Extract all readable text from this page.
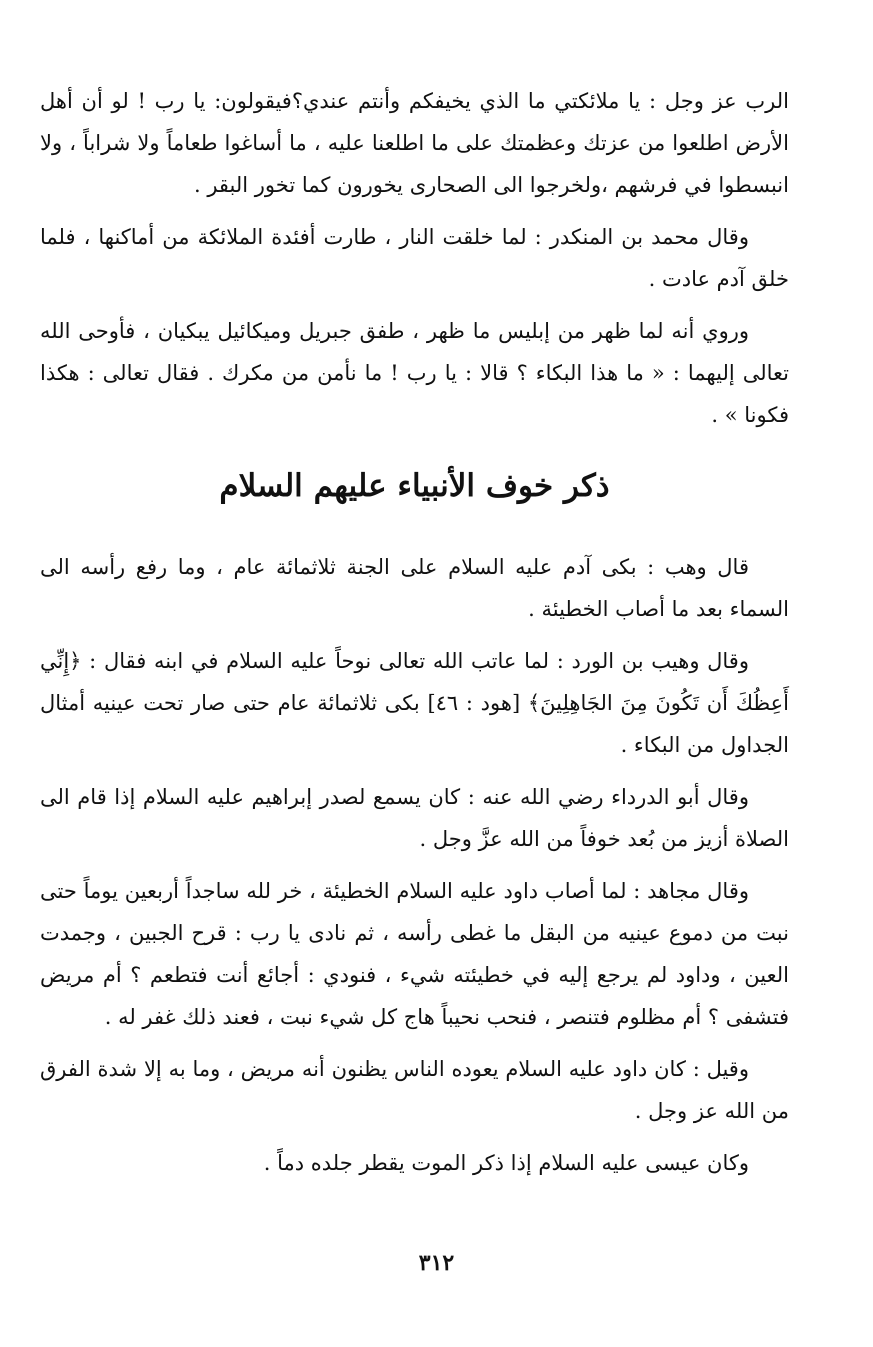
الرب عز وجل : يا ملائكتي ما الذي يخيفكم وأنتم عندي؟فيقولون: يا رب ! لو أن أهل الأرض اطلعوا من عزتك وعظمتك على ما اطلعنا عليه ، ما أساغوا طعاماً ولا شراباً ، ولا انبسطوا في فرشهم ،ولخرجوا الى الصحارى يخورون كما تخور البقر .

وقال محمد بن المنكدر : لما خلقت النار ، طارت أفئدة الملائكة من أماكنها ، فلما خلق آدم عادت .

وروي أنه لما ظهر من إبليس ما ظهر ، طفق جبريل وميكائيل يبكيان ، فأوحى الله تعالى إليهما : « ما هذا البكاء ؟ قالا : يا رب ! ما نأمن من مكرك . فقال تعالى : هكذا فكونا » .

ذكر خوف الأنبياء عليهم السلام

قال وهب : بكى آدم عليه السلام على الجنة ثلاثمائة عام ، وما رفع رأسه الى السماء بعد ما أصاب الخطيئة .

وقال وهيب بن الورد : لما عاتب الله تعالى نوحاً عليه السلام في ابنه فقال : ﴿إِنِّي أَعِظُكَ أَن تَكُونَ مِنَ الجَاهِلِينَ﴾ [هود : ٤٦] بكى ثلاثمائة عام حتى صار تحت عينيه أمثال الجداول من البكاء .

وقال أبو الدرداء رضي الله عنه : كان يسمع لصدر إبراهيم عليه السلام إذا قام الى الصلاة أزيز من بُعد خوفاً من الله عزَّ وجل .

وقال مجاهد : لما أصاب داود عليه السلام الخطيئة ، خر لله ساجداً أربعين يوماً حتى نبت من دموع عينيه من البقل ما غطى رأسه ، ثم نادى يا رب : قرح الجبين ، وجمدت العين ، وداود لم يرجع إليه في خطيئته شيء ، فنودي : أجائع أنت فتطعم ؟ أم مريض فتشفى ؟ أم مظلوم فتنصر ، فنحب نحيباً هاج كل شيء نبت ، فعند ذلك غفر له .

وقيل : كان داود عليه السلام يعوده الناس يظنون أنه مريض ، وما به إلا شدة الفرق من الله عز وجل .

وكان عيسى عليه السلام إذا ذكر الموت يقطر جلده دماً .

٣١٢
